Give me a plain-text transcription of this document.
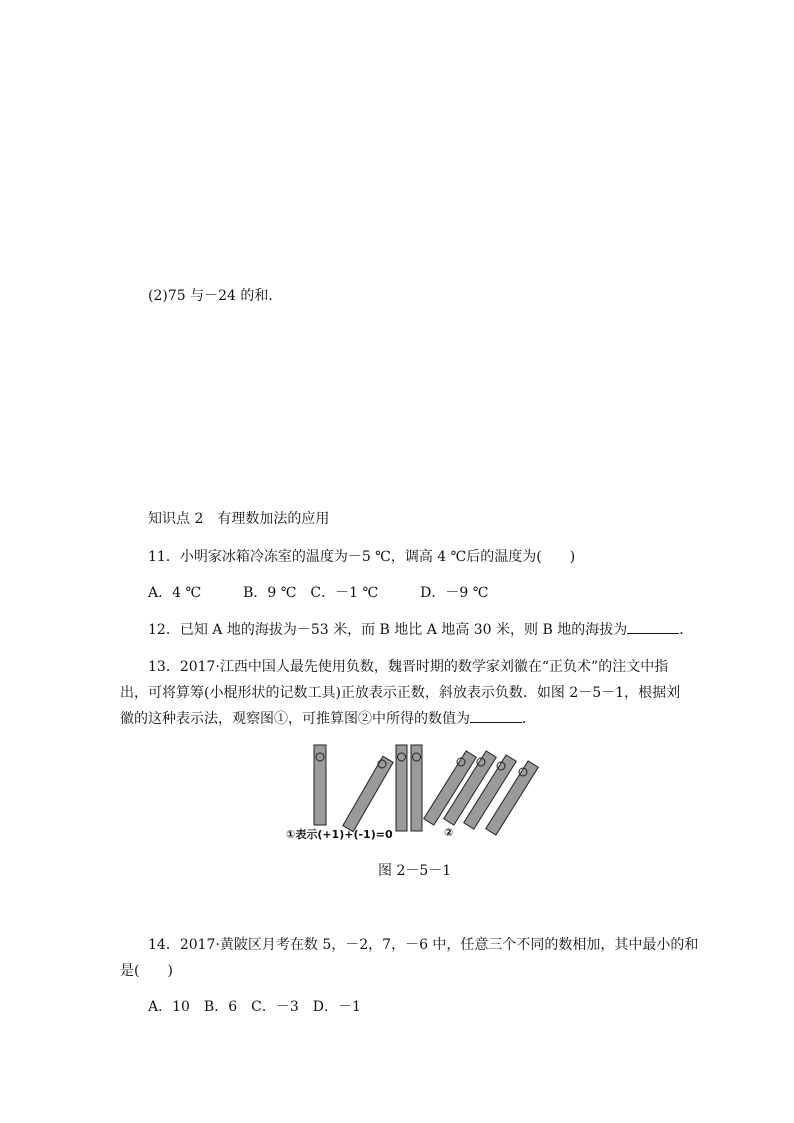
(2)75 与－24 的和.
知识点 2　有理数加法的应用
11．小明家冰箱冷冻室的温度为－5 ℃，调高 4 ℃后的温度为(　　)
A．4 ℃　　　B．9 ℃　C．－1 ℃　　　D．－9 ℃
12．已知 A 地的海拔为－53 米，而 B 地比 A 地高 30 米，则 B 地的海拔为	．
13．2017·江西中国人最先使用负数，魏晋时期的数学家刘徽在“正负术”的注文中指
出，可将算筹(小棍形状的记数工具)正放表示正数，斜放表示负数．如图 2－5－1，根据刘
徽的这种表示法，观察图①，可推算图②中所得的数值为	．
①表示(+1)+(-1)=0	②
图 2－5－1
14．2017·黄陂区月考在数 5，－2，7，－6 中，任意三个不同的数相加，其中最小的和
是(　　)
A．10　B．6　C．－3　D．－1
